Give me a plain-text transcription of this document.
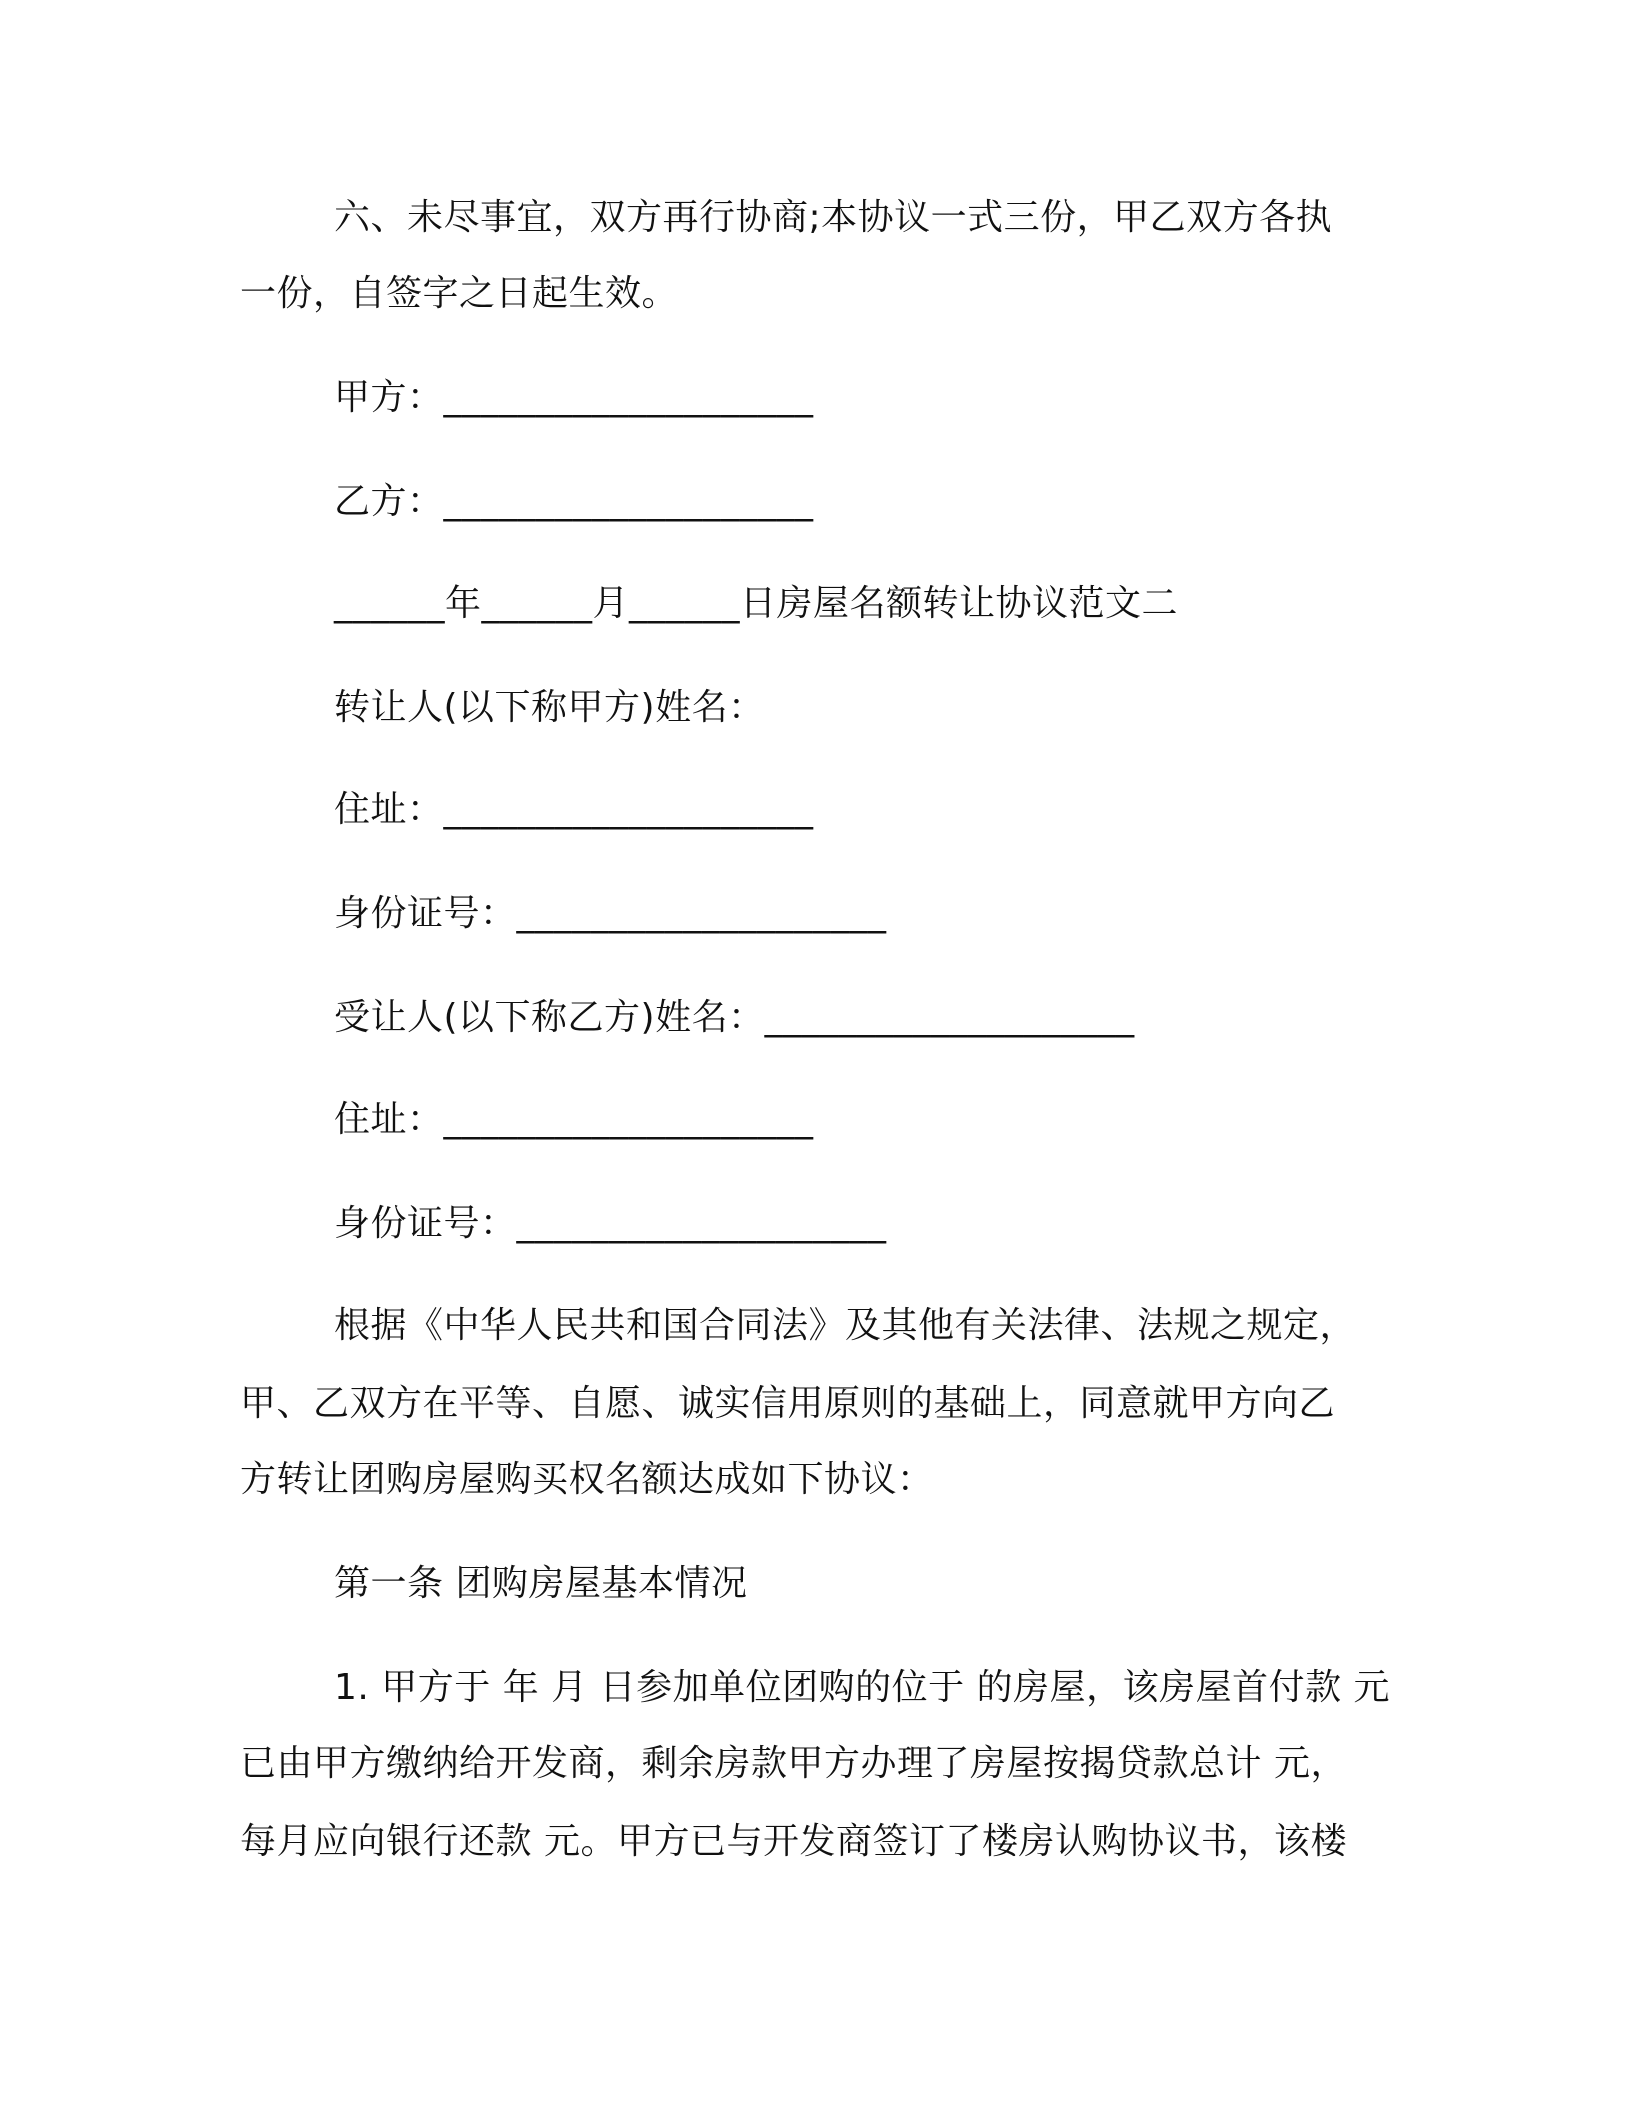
六、未尽事宜，双方再行协商;本协议一式三份，甲乙双方各执
一份，自签字之日起生效。
甲方：____________________
乙方：____________________
______年______月______日房屋名额转让协议范文二
转让人(以下称甲方)姓名：
住址：____________________
身份证号：____________________
受让人(以下称乙方)姓名：____________________
住址：____________________
身份证号：____________________
根据《中华人民共和国合同法》及其他有关法律、法规之规定，
甲、乙双方在平等、自愿、诚实信用原则的基础上，同意就甲方向乙
方转让团购房屋购买权名额达成如下协议：
第一条 团购房屋基本情况
1. 甲方于 年 月 日参加单位团购的位于 的房屋，该房屋首付款 元
已由甲方缴纳给开发商，剩余房款甲方办理了房屋按揭贷款总计 元，
每月应向银行还款 元。甲方已与开发商签订了楼房认购协议书，该楼
